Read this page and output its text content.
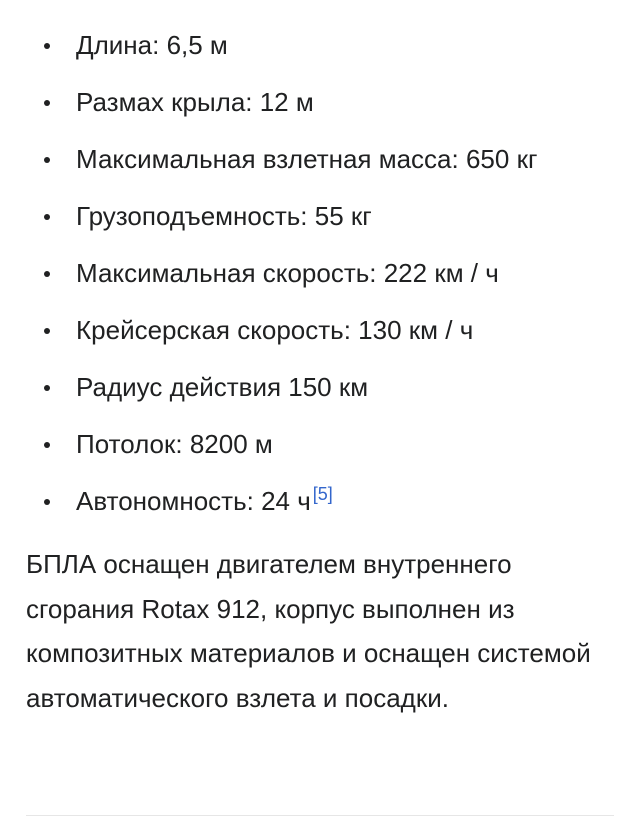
Длина: 6,5 м
Размах крыла: 12 м
Максимальная взлетная масса: 650 кг
Грузоподъемность: 55 кг
Максимальная скорость: 222 км / ч
Крейсерская скорость: 130 км / ч
Радиус действия 150 км
Потолок: 8200 м
Автономность: 24 ч [5]

БПЛА оснащен двигателем внутреннего сгорания Rotax 912, корпус выполнен из композитных материалов и оснащен системой автоматического взлета и посадки.
